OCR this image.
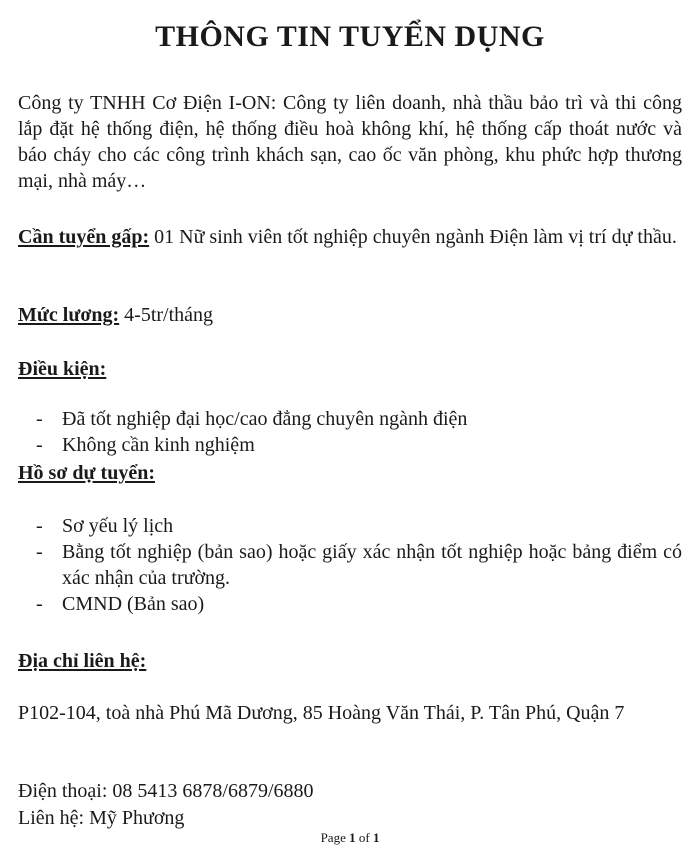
THÔNG TIN TUYỂN DỤNG
Công ty TNHH Cơ Điện I-ON: Công ty liên doanh, nhà thầu bảo trì và thi công lắp đặt hệ thống điện, hệ thống điều hoà không khí, hệ thống cấp thoát nước và báo cháy cho các công trình khách sạn, cao ốc văn phòng, khu phức hợp thương mại, nhà máy…
Cần tuyển gấp: 01 Nữ sinh viên tốt nghiệp chuyên ngành Điện làm vị trí dự thầu.
Mức lương: 4-5tr/tháng
Điều kiện:
- Đã tốt nghiệp đại học/cao đẳng chuyên ngành điện
- Không cần kinh nghiệm
Hồ sơ dự tuyển:
- Sơ yếu lý lịch
- Bằng tốt nghiệp (bản sao) hoặc giấy xác nhận tốt nghiệp hoặc bảng điểm có xác nhận của trường.
- CMND (Bản sao)
Địa chỉ liên hệ:
P102-104, toà nhà Phú Mã Dương, 85 Hoàng Văn Thái, P. Tân Phú, Quận 7
Điện thoại: 08 5413 6878/6879/6880
Liên hệ: Mỹ Phương
Page 1 of 1
